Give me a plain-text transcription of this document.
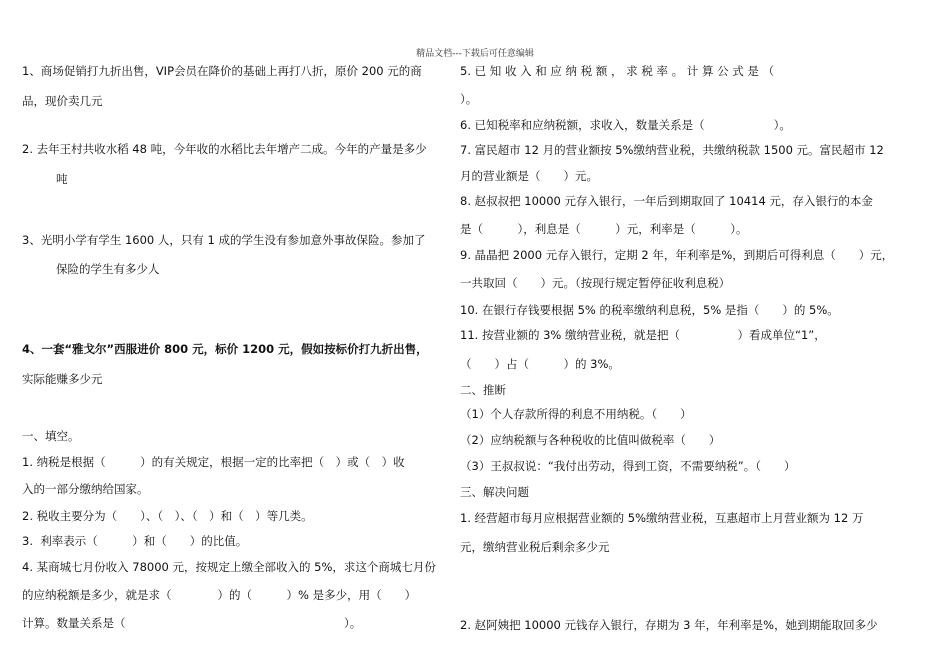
精品文档---下载后可任意编辑
1、商场促销打九折出售，VIP会员在降价的基础上再打八折，原价 200 元的商
品，现价卖几元
2. 去年王村共收水稻 48 吨，今年收的水稻比去年增产二成。今年的产量是多少
吨
3、光明小学有学生 1600 人，只有 1 成的学生没有参加意外事故保险。参加了
保险的学生有多少人
4、一套“雅戈尔”西服进价 800 元，标价 1200 元，假如按标价打九折出售，
实际能赚多少元
一、填空。
1. 纳税是根据（　　　）的有关规定，根据一定的比率把（　）或（　）收
入的一部分缴纳给国家。
2. 税收主要分为（　　）、（　）、（　）和（　）等几类。
3.  利率表示（　　　）和（　　）的比值。
4. 某商城七月份收入 78000 元，按规定上缴全部收入的 5%，求这个商城七月份
的应纳税额是多少，就是求（　　　　）的（　　　）% 是多少，用（　　）
计算。数量关系是（　　　　　　　　　　　　　　　　　　　）。
5. 已 知 收 入 和 应 纳 税 额 ， 求 税 率 。 计 算 公 式 是 （
）。
6. 已知税率和应纳税额，求收入，数量关系是（　　　　　　）。
7. 富民超市 12 月的营业额按 5%缴纳营业税，共缴纳税款 1500 元。富民超市 12
月的营业额是（　　）元。
8. 赵叔叔把 10000 元存入银行，一年后到期取回了 10414 元，存入银行的本金
是（　　　），利息是（　　　）元，利率是（　　　）。
9. 晶晶把 2000 元存入银行，定期 2 年，年利率是%，到期后可得利息（　　）元，
一共取回（　　）元。（按现行规定暂停征收利息税）
10. 在银行存钱要根据 5% 的税率缴纳利息税，5% 是指（　　）的 5%。
11. 按营业额的 3% 缴纳营业税，就是把（　　　　　）看成单位“1”，
（　　）占（　　　）的 3%。
二、推断
（1）个人存款所得的利息不用纳税。（　　）
（2）应纳税额与各种税收的比值叫做税率（　　）
（3）王叔叔说：“我付出劳动，得到工资，不需要纳税”。（　　）
三、解决问题
1. 经营超市每月应根据营业额的 5%缴纳营业税，互惠超市上月营业额为 12 万
元，缴纳营业税后剩余多少元
2. 赵阿姨把 10000 元钱存入银行，存期为 3 年，年利率是%，她到期能取回多少
